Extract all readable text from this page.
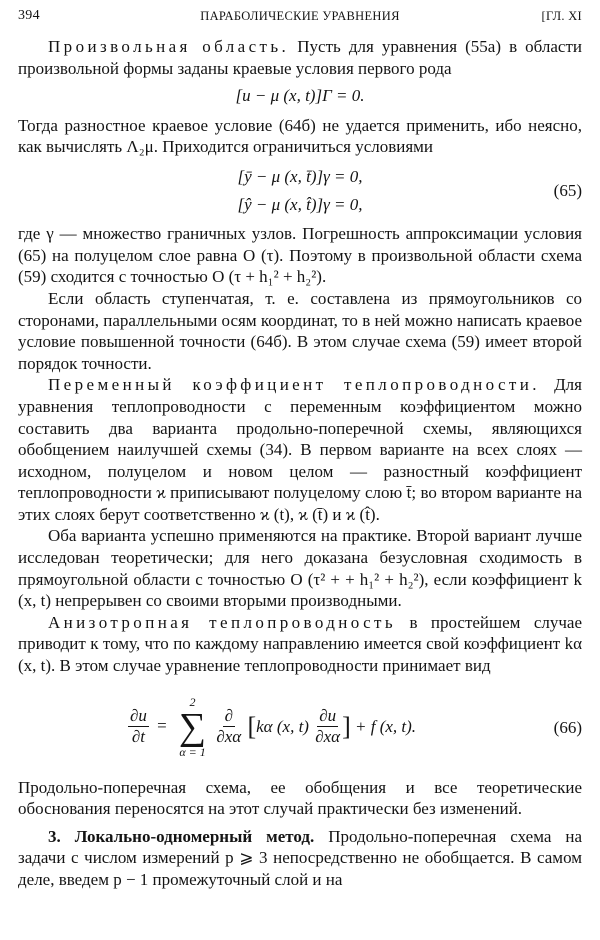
394	ПАРАБОЛИЧЕСКИЕ УРАВНЕНИЯ	[ГЛ. XI

Произвольная область. Пусть для уравнения (55а) в области произвольной формы заданы краевые условия первого рода

[u − μ (x, t)]Γ = 0.

Тогда разностное краевое условие (64б) не удается применить, ибо неясно, как вычислять Λ₂μ. Приходится ограничиться условиями

[ȳ − μ (x, t̄)]γ = 0,
[ŷ − μ (x, t̂)]γ = 0,
(65)

где γ — множество граничных узлов. Погрешность аппроксимации условия (65) на полуцелом слое равна O (τ). Поэтому в произвольной области схема (59) сходится с точностью O (τ + h₁² + h₂²).

Если область ступенчатая, т. е. составлена из прямоугольников со сторонами, параллельными осям координат, то в ней можно написать краевое условие повышенной точности (64б). В этом случае схема (59) имеет второй порядок точности.

Переменный коэффициент теплопроводности. Для уравнения теплопроводности с переменным коэффициентом можно составить два варианта продольно-поперечной схемы, являющихся обобщением наилучшей схемы (34). В первом варианте на всех слоях — исходном, полуцелом и новом целом — разностный коэффициент теплопроводности ϰ приписывают полуцелому слою t̄; во втором варианте на этих слоях берут соответственно ϰ (t), ϰ (t̄) и ϰ (t̂).

Оба варианта успешно применяются на практике. Второй вариант лучше исследован теоретически; для него доказана безусловная сходимость в прямоугольной области с точностью O (τ² + + h₁² + h₂²), если коэффициент k (x, t) непрерывен со своими вторыми производными.

Анизотропная теплопроводность в простейшем случае приводит к тому, что по каждому направлению имеется свой коэффициент kα (x, t). В этом случае уравнение теплопроводности принимает вид

$\frac{\partial u}{\partial t}$ =
2
∑
α = 1

$\frac{\partial}{\partial x\alpha} [k\alpha$ (x, $t) \frac{\partial u}{\partial x\alpha}$ ] + f (x, t).	(66)

Продольно-поперечная схема, ее обобщения и все теоретические обоснования переносятся на этот случай практически без изменений.

3. Локально-одномерный метод. Продольно-поперечная схема на задачи с числом измерений p ⩾ 3 непосредственно не обобщается. В самом деле, введем p − 1 промежуточный слой и на
